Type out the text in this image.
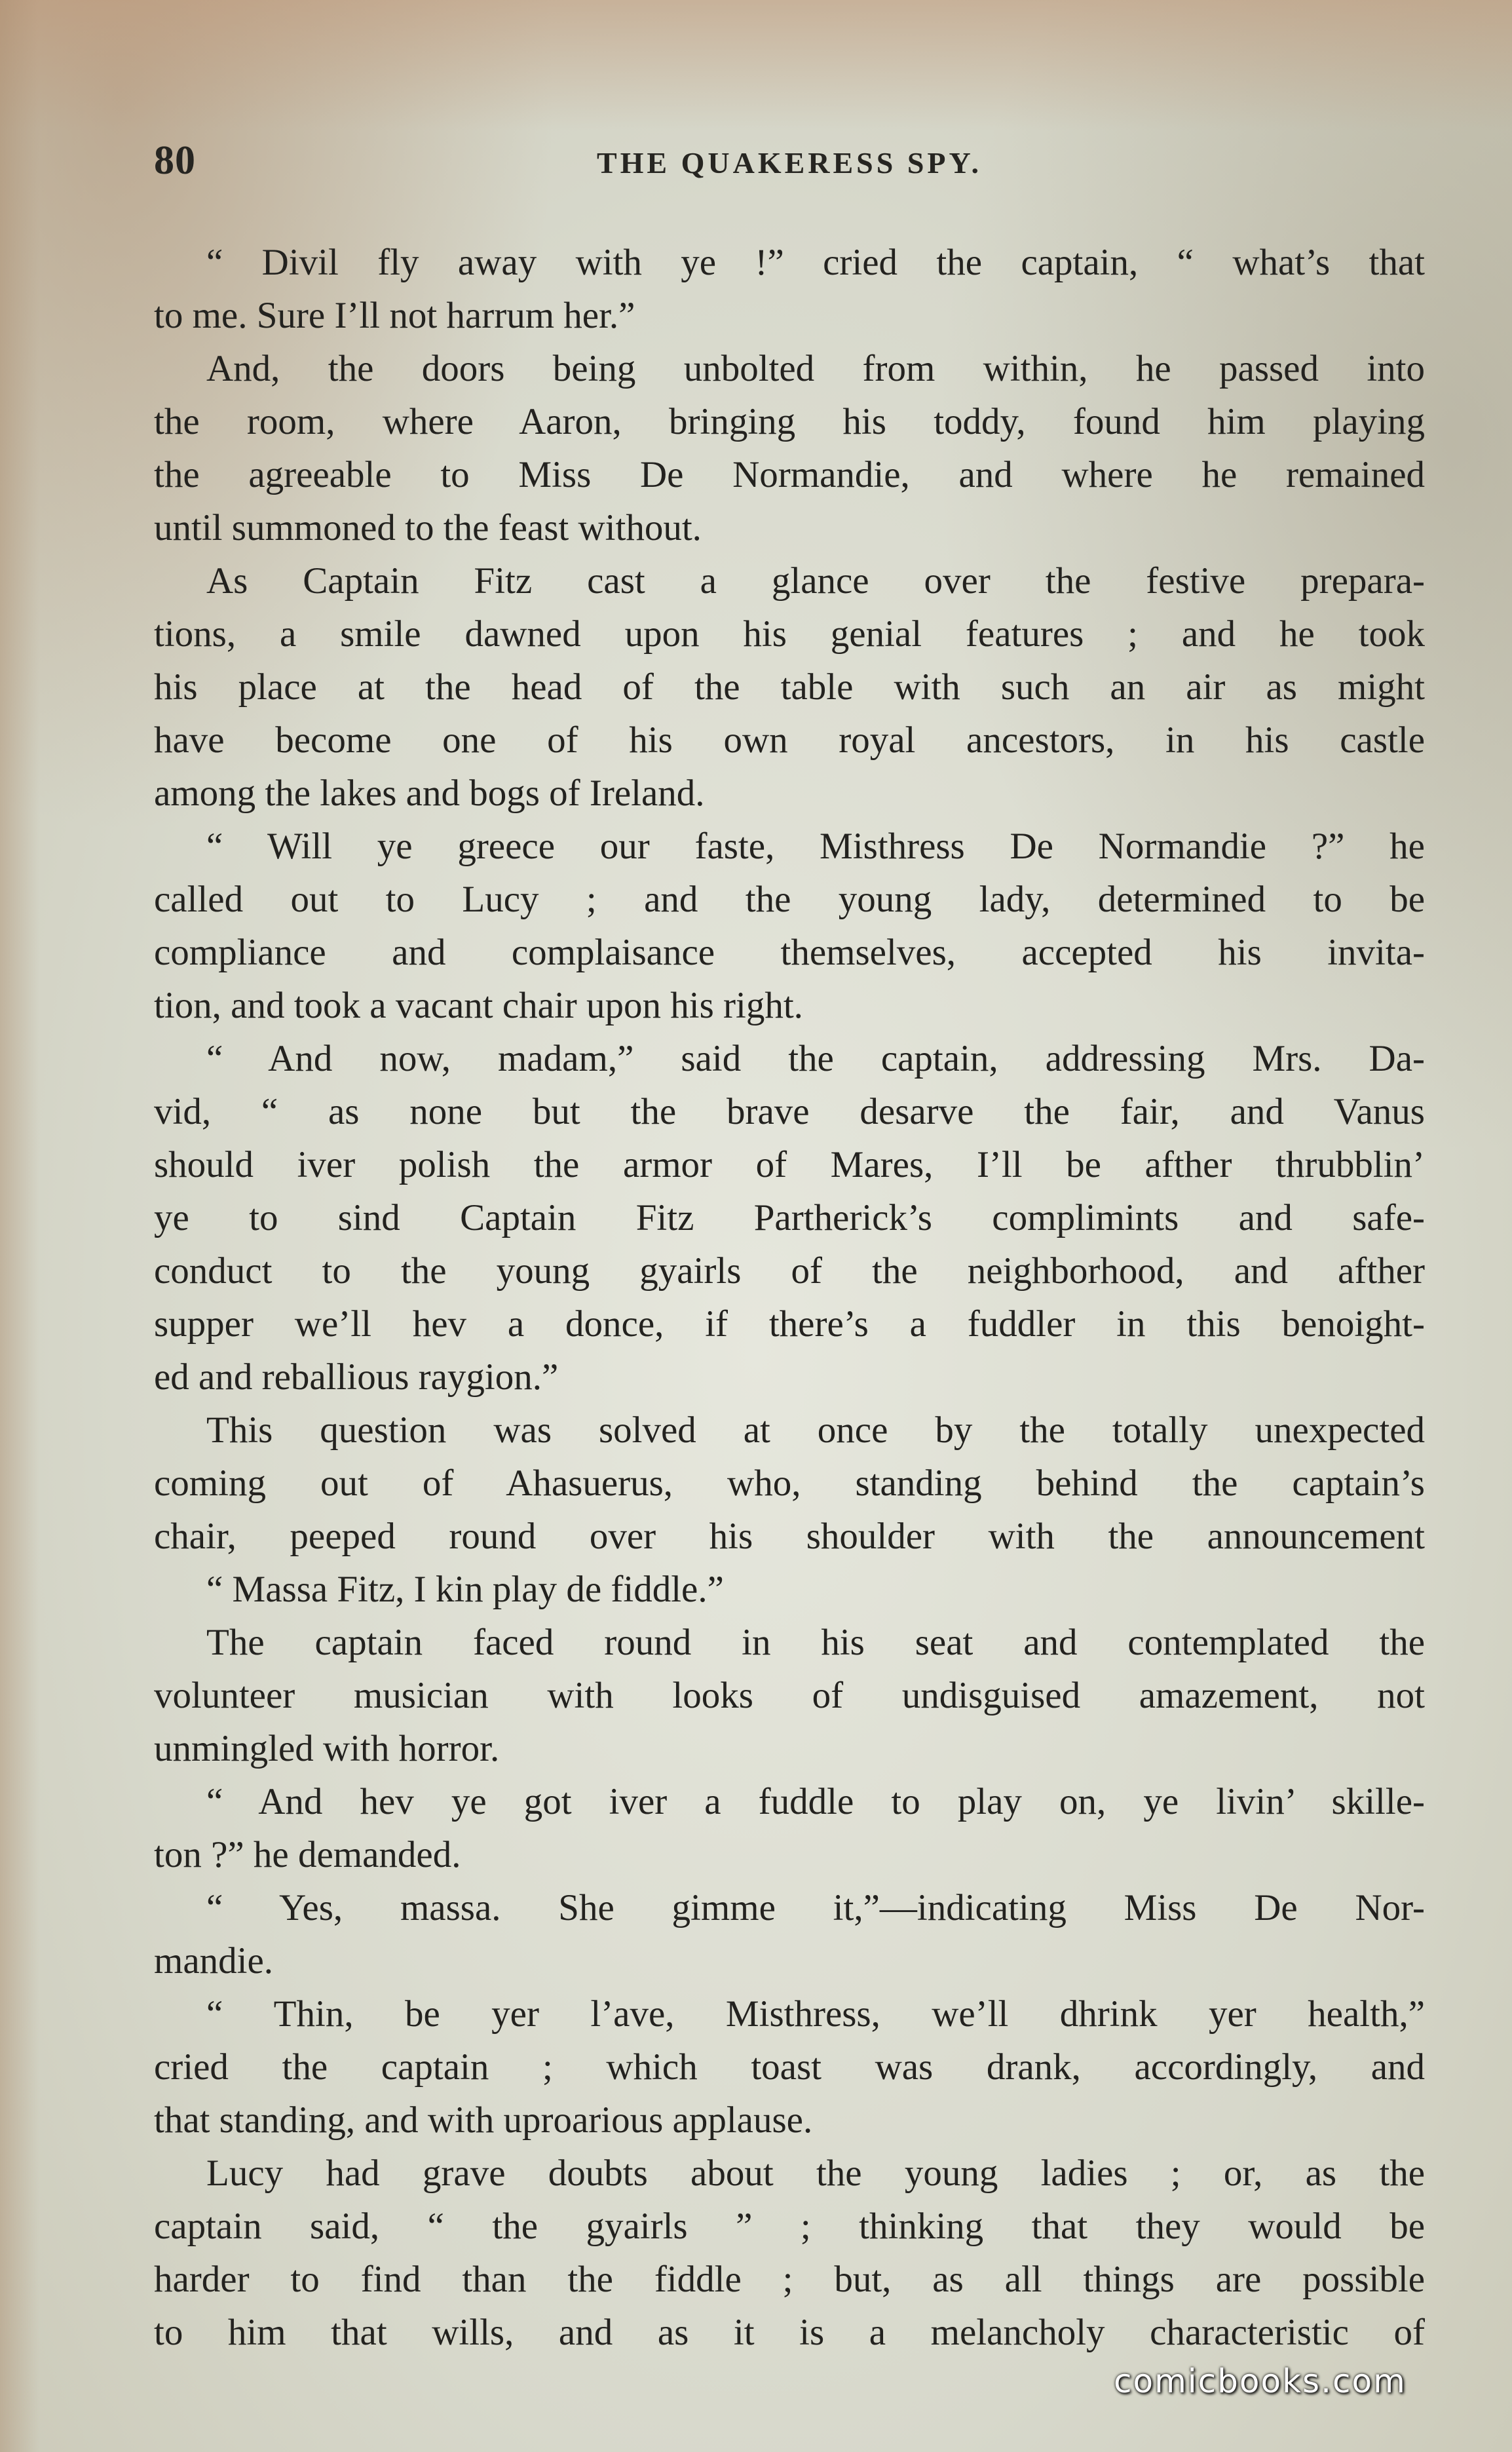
80	THE QUAKERESS SPY.
“ Divil fly away with ye !” cried the captain, “ what’s that
to me. Sure I’ll not harrum her.”
And, the doors being unbolted from within, he passed into
the room, where Aaron, bringing his toddy, found him playing
the agreeable to Miss De Normandie, and where he remained
until summoned to the feast without.
As Captain Fitz cast a glance over the festive prepara-
tions, a smile dawned upon his genial features ; and he took
his place at the head of the table with such an air as might
have become one of his own royal ancestors, in his castle
among the lakes and bogs of Ireland.
“ Will ye greece our faste, Misthress De Normandie ?” he
called out to Lucy ; and the young lady, determined to be
compliance and complaisance themselves, accepted his invita-
tion, and took a vacant chair upon his right.
“ And now, madam,” said the captain, addressing Mrs. Da-
vid, “ as none but the brave desarve the fair, and Vanus
should iver polish the armor of Mares, I’ll be afther thrubblin’
ye to sind Captain Fitz Partherick’s complimints and safe-
conduct to the young gyairls of the neighborhood, and afther
supper we’ll hev a donce, if there’s a fuddler in this benoight-
ed and reballious raygion.”
This question was solved at once by the totally unexpected
coming out of Ahasuerus, who, standing behind the captain’s
chair, peeped round over his shoulder with the announcement
“ Massa Fitz, I kin play de fiddle.”
The captain faced round in his seat and contemplated the
volunteer musician with looks of undisguised amazement, not
unmingled with horror.
“ And hev ye got iver a fuddle to play on, ye livin’ skille-
ton ?” he demanded.
“ Yes, massa. She gimme it,”—indicating Miss De Nor-
mandie.
“ Thin, be yer l’ave, Misthress, we’ll dhrink yer health,”
cried the captain ; which toast was drank, accordingly, and
that standing, and with uproarious applause.
Lucy had grave doubts about the young ladies ; or, as the
captain said, “ the gyairls ” ; thinking that they would be
harder to find than the fiddle ; but, as all things are possible
to him that wills, and as it is a melancholy characteristic of
comicbooks.com
